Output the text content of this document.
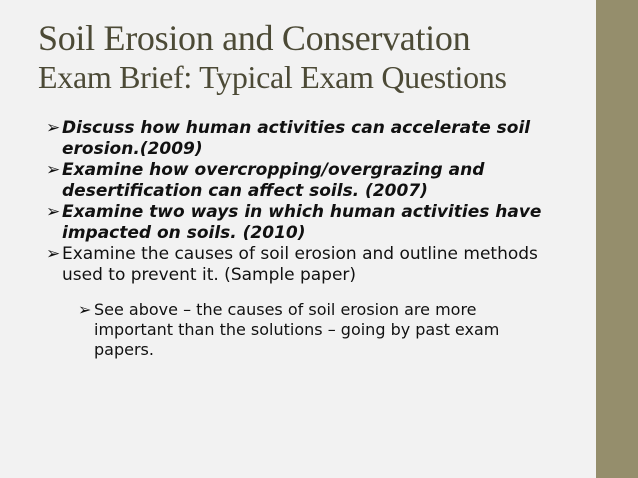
Soil Erosion and Conservation
Exam Brief: Typical Exam Questions
➢ Discuss how human activities can accelerate soil erosion.(2009)
➢ Examine how overcropping/overgrazing and desertification can affect soils. (2007)
➢ Examine two ways in which human activities have impacted on soils. (2010)
➢ Examine the causes of soil erosion and outline methods used to prevent it. (Sample paper)
➢ See above – the causes of soil erosion are more important than the solutions – going by past exam papers.
